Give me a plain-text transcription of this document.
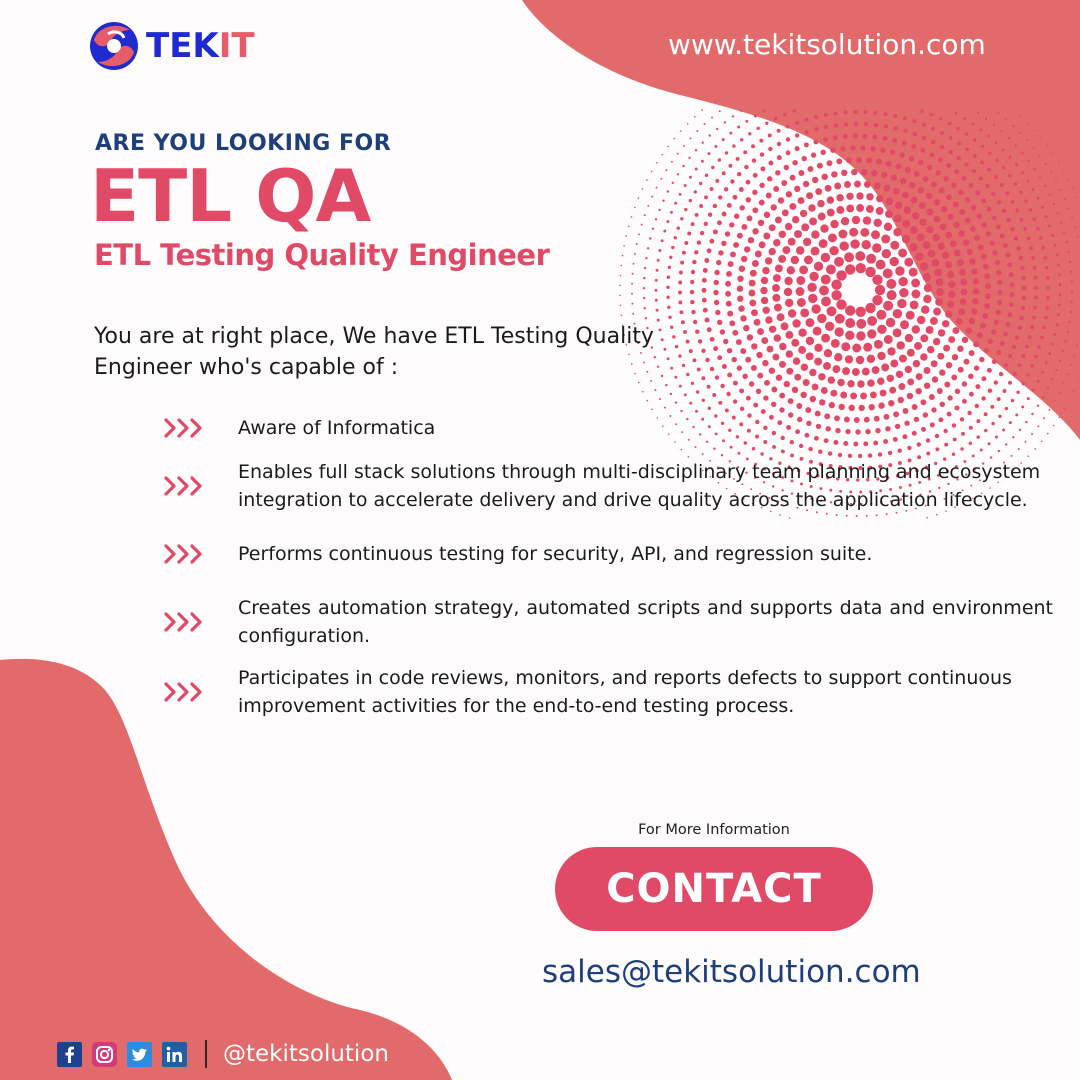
TEKIT	www.tekitsolution.com
ARE YOU LOOKING FOR
ETL QA
ETL Testing Quality Engineer
You are at right place, We have ETL Testing Quality Engineer who's capable of :
Aware of Informatica
Enables full stack solutions through multi-disciplinary team planning and ecosystem integration to accelerate delivery and drive quality across the application lifecycle.
Performs continuous testing for security, API, and regression suite.
Creates automation strategy, automated scripts and supports data and environment configuration.
Participates in code reviews, monitors, and reports defects to support continuous improvement activities for the end-to-end testing process.
For More Information
CONTACT
sales@tekitsolution.com
@tekitsolution
